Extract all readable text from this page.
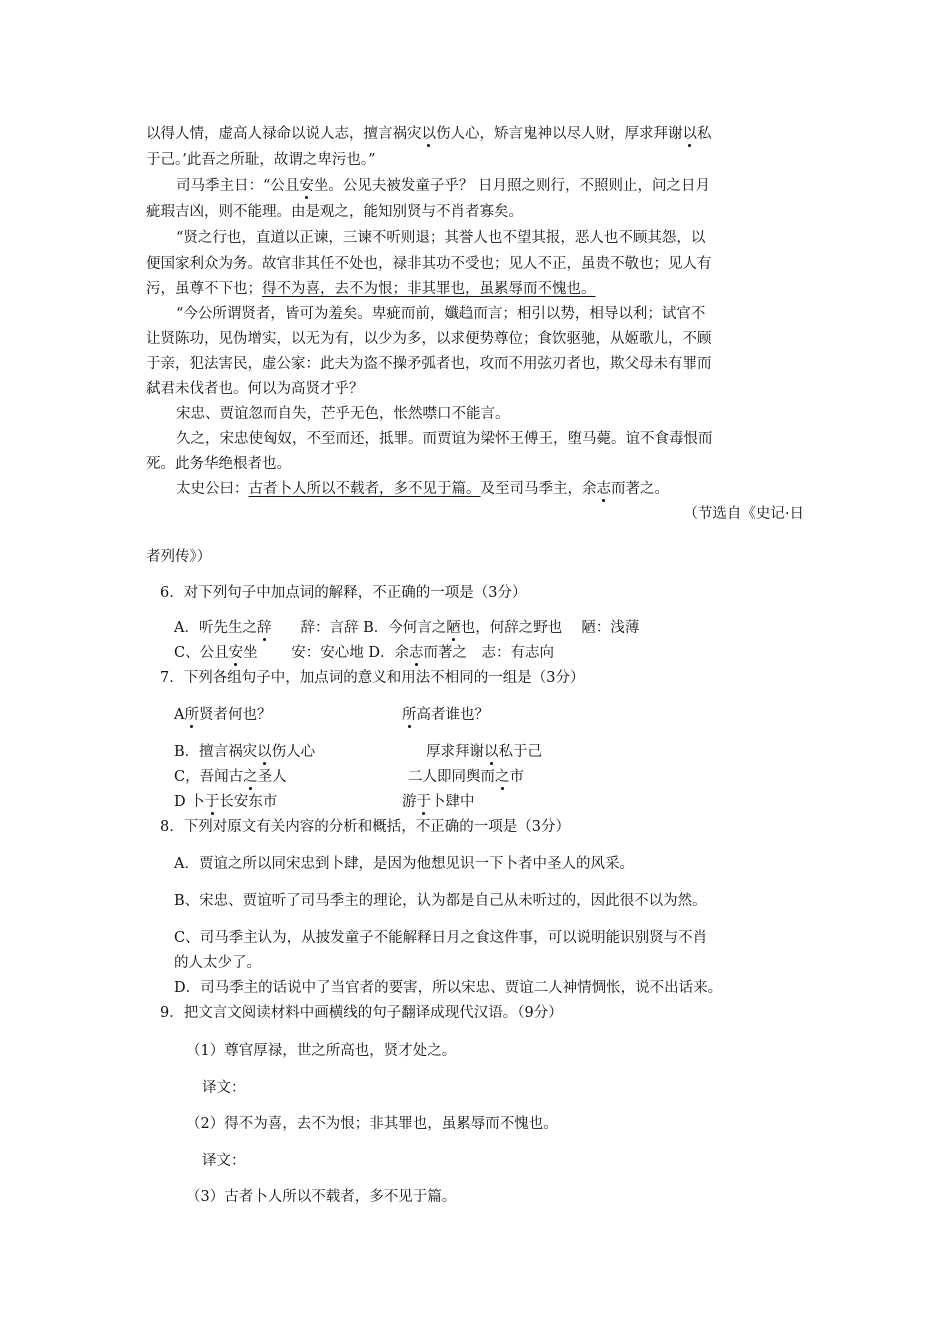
以得人情，虚高人禄命以说人志，擅言祸灾以伤人心，矫言鬼神以尽人财，厚求拜谢以私
于己。’此吾之所耻，故谓之卑污也。”
司马季主日：“公且安坐。公见夫被发童子乎？ 日月照之则行，不照则止，问之日月
疵瑕吉凶，则不能理。由是观之，能知别贤与不肖者寡矣。
“贤之行也，直道以正谏，三谏不听则退；其誉人也不望其报，恶人也不顾其怨，以
便国家利众为务。故官非其任不处也，禄非其功不受也；见人不正，虽贵不敬也；见人有
污，虽尊不下也；得不为喜，去不为恨；非其罪也，虽累辱而不愧也。
“今公所谓贤者，皆可为羞矣。卑疵而前，孅趋而言；相引以势，相导以利；试官不
让贤陈功，见伪增实，以无为有，以少为多，以求便势尊位；食饮驱驰，从姬歌儿，不顾
于亲，犯法害民，虚公家：此夫为盗不操矛弧者也，攻而不用弦刃者也，欺父母未有罪而
弑君未伐者也。何以为高贤才乎？
宋忠、贾谊忽而自失，芒乎无色，怅然噤口不能言。
久之，宋忠使匈奴，不至而还，抵罪。而贾谊为梁怀王傅王，堕马薨。谊不食毒恨而
死。此务华绝根者也。
太史公曰：古者卜人所以不载者，多不见于篇。及至司马季主，余志而著之。
（节选自《史记·日
者列传》）
6．对下列句子中加点词的解释，不正确的一项是（3分）
A．听先生之辞　　辞：言辞 B．今何言之陋也，何辞之野也　 陋：浅薄
C、公且安坐　　 安：安心地 D．余志而著之　志：有志向
7．下列各组句子中，加点词的意义和用法不相同的一组是（3分）
A所贤者何也？	所高者谁也？
B．擅言祸灾以伤人心	厚求拜谢以私于己
C，吾闻古之圣人	二人即同舆而之市
D 卜于长安东市	游于卜肆中
8．下列对原文有关内容的分析和概括，不正确的一项是（3分）
A．贾谊之所以同宋忠到卜肆，是因为他想见识一下卜者中圣人的风采。
B、宋忠、贾谊听了司马季主的理论，认为都是自己从未听过的，因此很不以为然。
C、司马季主认为，从披发童子不能解释日月之食这件事，可以说明能识别贤与不肖
的人太少了。
D．司马季主的话说中了当官者的要害，所以宋忠、贾谊二人神情惆怅，说不出话来。
9．把文言文阅读材料中画横线的句子翻译成现代汉语。（9分）
（1）尊官厚禄，世之所高也，贤才处之。
译文：
（2）得不为喜，去不为恨；非其罪也，虽累辱而不愧也。
译文：
（3）古者卜人所以不载者，多不见于篇。
